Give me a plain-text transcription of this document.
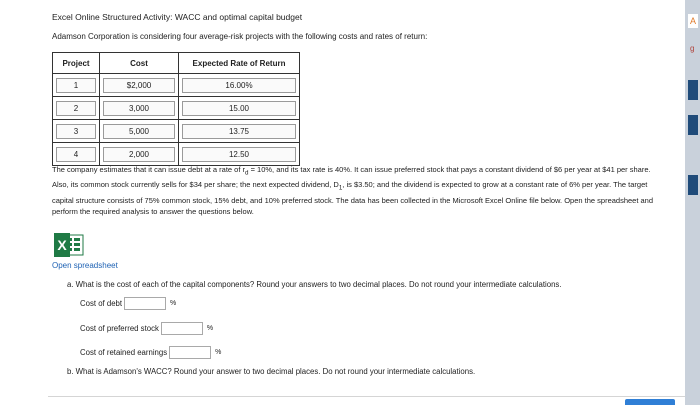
Excel Online Structured Activity: WACC and optimal capital budget
Adamson Corporation is considering four average-risk projects with the following costs and rates of return:
Project	Cost	Expected Rate of Return

1	$2,000	16.00%

2	3,000	15.00

3	5,000	13.75

4	2,000	12.50
The company estimates that it can issue debt at a rate of $r_d = 10\%$, and its tax rate is 40%. It can issue preferred stock that pays a constant dividend of $6 per year at $41 per share. Also, its common stock currently sells for $34 per share; the next expected dividend, $D_1$, is $3.50; and the dividend is expected to grow at a constant rate of 6% per year. The target capital structure consists of 75% common stock, 15% debt, and 10% preferred stock. The data has been collected in the Microsoft Excel Online file below. Open the spreadsheet and perform the required analysis to answer the questions below.
X
Open spreadsheet
a. What is the cost of each of the capital components? Round your answers to two decimal places. Do not round your intermediate calculations.
Cost of debt	%
Cost of preferred stock	%
Cost of retained earnings	%
b. What is Adamson's WACC? Round your answer to two decimal places. Do not round your intermediate calculations.
A
g
